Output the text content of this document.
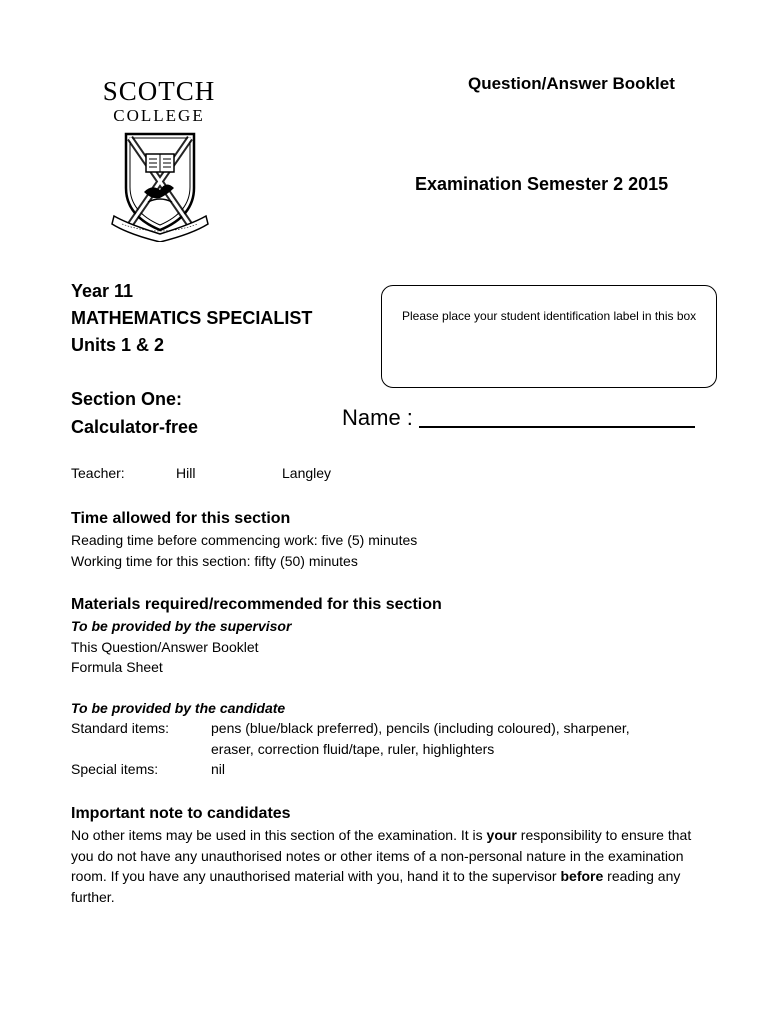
SCOTCH
COLLEGE
Question/Answer Booklet
Examination Semester 2 2015
Year 11
MATHEMATICS SPECIALIST
Units 1 & 2
Please place your student identification label in this box
Section One:
Calculator-free	Name :
Teacher:	Hill	Langley
Time allowed for this section
Reading time before commencing work: five (5) minutes
Working time for this section: fifty (50) minutes
Materials required/recommended for this section
To be provided by the supervisor
This Question/Answer Booklet
Formula Sheet
To be provided by the candidate
Standard items:	pens (blue/black preferred), pencils (including coloured), sharpener,
eraser, correction fluid/tape, ruler, highlighters
Special items:	nil
Important note to candidates
No other items may be used in this section of the examination. It is your responsibility to ensure that you do not have any unauthorised notes or other items of a non-personal nature in the examination room. If you have any unauthorised material with you, hand it to the supervisor before reading any further.
